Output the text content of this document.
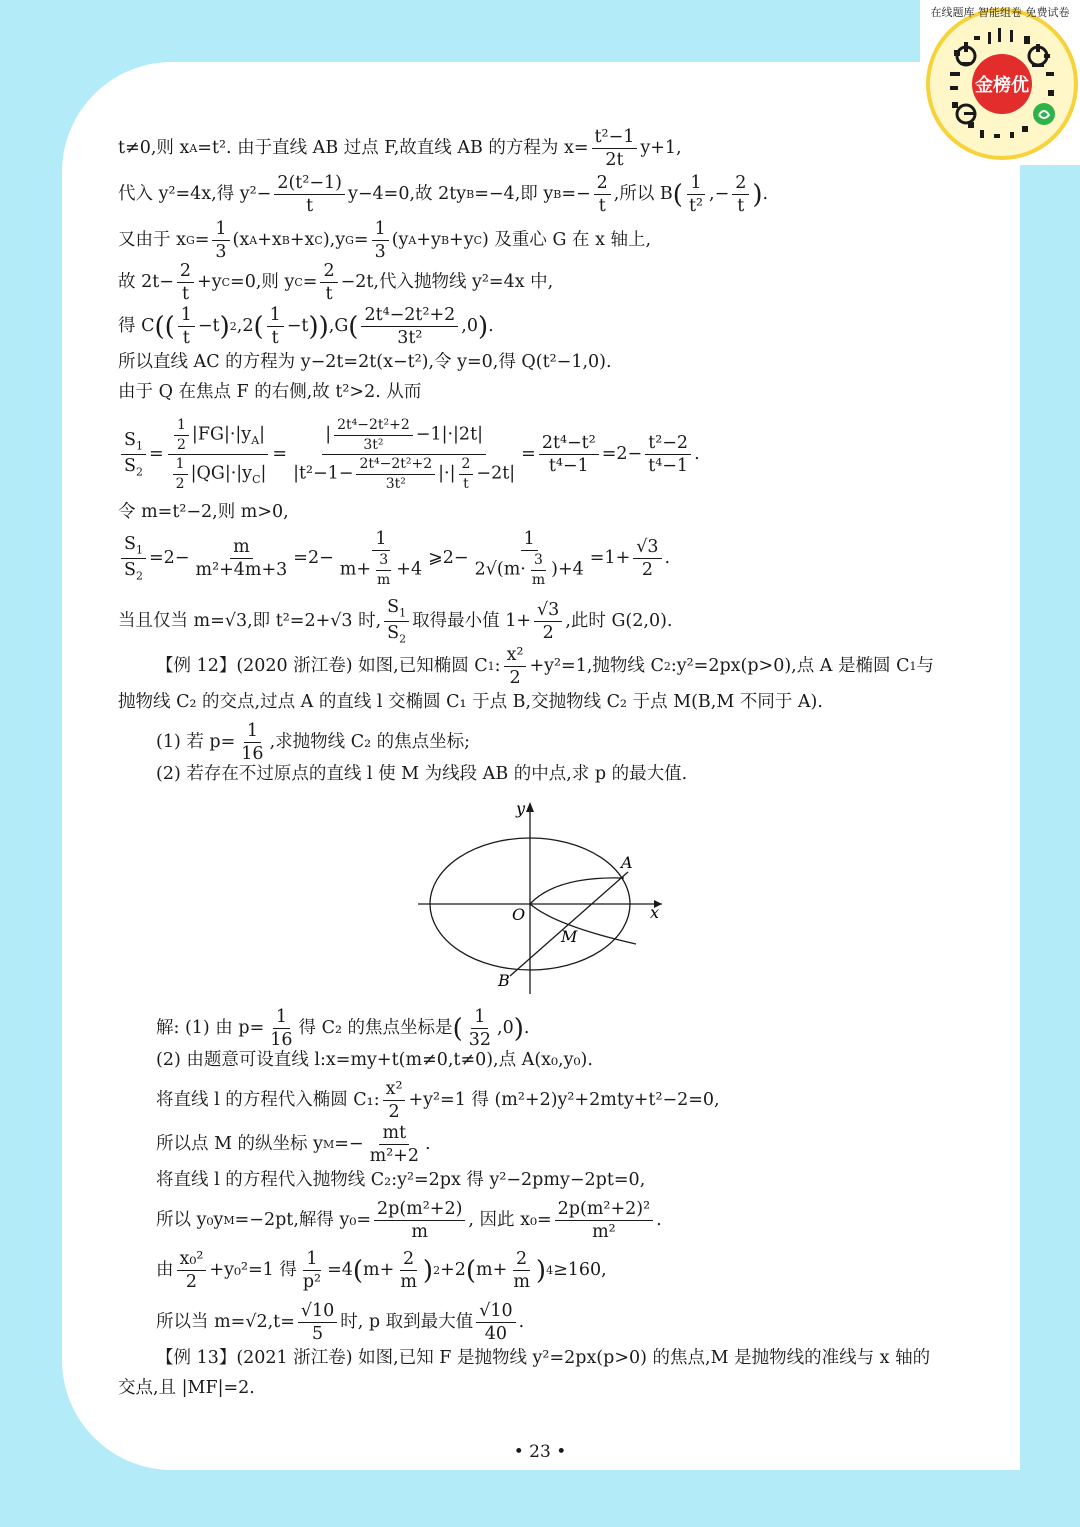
金榜优
在线题库 智能组卷 免费试卷
t≠0,则 x A =t². 由于直线 AB 过点 F,故直线 AB 的方程为 $x= \frac{\text{t²−1}}{2t} y+1$,
代入 y²=4x,得 $y^2- \frac{\text{2(t²−1)}}{t} y-4=0$,故 2ty B =−4,即 y $B =- \frac{2}{t}$ ,所以 B ( $\frac{1}{\text{t²}}$ ,− $\frac{2}{t}$ ) .
又由于 x $G = \frac{1}{3} (x$ A +x B +x C ),y $G = \frac{1}{3} (y$ A +y B +y C ) 及重心 G 在 x 轴上,
故 $2t- \frac{2}{t} +y$ C =0,则 y $C = \frac{2}{t} -2t$,代入抛物线 y²=4x 中,
得 C (( $\frac{1}{t} -t$ ) 2 ,2 ( $\frac{1}{t} -t$ )) ,G ( $\frac{\text{2t⁴−2t²+2}}{\text{3t²}} ,0$ ) .
所以直线 AC 的方程为 y−2t=2t(x−t²),令 y=0,得 Q(t²−1,0).
由于 Q 在焦点 F 的右侧,故 t²>2. 从而
$\frac{S_1}{S_2} = \frac{\frac{1}{2} |FG|\cdot|y_A|}{\frac{1}{2} |QG|\cdot|y_C|} = \frac{| \frac{\text{2t⁴−2t²+2}}{\text{3t²}} -1|\cdot|2t|}{|t^2-1- \frac{\text{2t⁴−2t²+2}}{\text{3t²}} |\cdot| \frac{2}{t} -2t|} = \frac{\text{2t⁴−t²}}{\text{t⁴−1}} =2- \frac{\text{t²−2}}{\text{t⁴−1}}$ .
令 m=t²−2,则 m>0,
$\frac{S_1}{S_2} =2- \frac{m}{\text{m²+4m+3}} =2- \frac{1}{m+ \frac{3}{m} +4}$ ⩾2− $\frac{1}{2√(m\cdot \frac{3}{m} )+4} =1+ \frac{√3}{2}$ .
当且仅当 m=√3,即 t²=2+√3 时, $\frac{S_1}{S_2}$ 取得最小值 $1+ \frac{√3}{2}$ ,此时 G(2,0).
【例 12】(2020 浙江卷) 如图,已知椭圆 C 1 : $\frac{\text{x²}}{2} +y^2=1$,抛物线 C 2 :y²=2px(p>0),点 A 是椭圆 C 1 与
抛物线 C₂ 的交点,过点 A 的直线 l 交椭圆 C₁ 于点 B,交抛物线 C₂ 于点 M(B,M 不同于 A).
(1) 若 $p= \frac{1}{16}$ ,求抛物线 C₂ 的焦点坐标;
(2) 若存在不过原点的直线 l 使 M 为线段 AB 的中点,求 p 的最大值.
解: (1) 由 $p= \frac{1}{16}$ 得 C₂ 的焦点坐标是 ( $\frac{1}{32} ,0$ ) .
(2) 由题意可设直线 l:x=my+t(m≠0,t≠0),点 A(x₀,y₀).
将直线 l 的方程代入椭圆 C₁: $\frac{\text{x²}}{2} +y^2=1$ 得 (m²+2)y²+2mty+t²−2=0,
所以点 M 的纵坐标 y $M =- \frac{mt}{\text{m²+2}}$ .
将直线 l 的方程代入抛物线 C₂:y²=2px 得 y²−2pmy−2pt=0,
所以 y₀y M =−2pt,解得 $y_0= \frac{\text{2p(m²+2)}}{m}$ , 因此 $x_0= \frac{\text{2p(m²+2)²}}{\text{m²}}$ .
由 $\frac{\text{x₀²}}{2} +y_0^2=1$ 得 $\frac{1}{\text{p²}} =4$ ( $m+ \frac{2}{m}$ ) 2 +2 ( $m+ \frac{2}{m}$ ) 4 ≥160,
所以当 $m=√2,t= \frac{√10}{5}$ 时, p 取到最大值 $\frac{√10}{40}$ .
【例 13】(2021 浙江卷) 如图,已知 F 是抛物线 y²=2px(p>0) 的焦点,M 是抛物线的准线与 x 轴的
交点,且 |MF|=2.
y
x
O
A
B
M
• 23 •
